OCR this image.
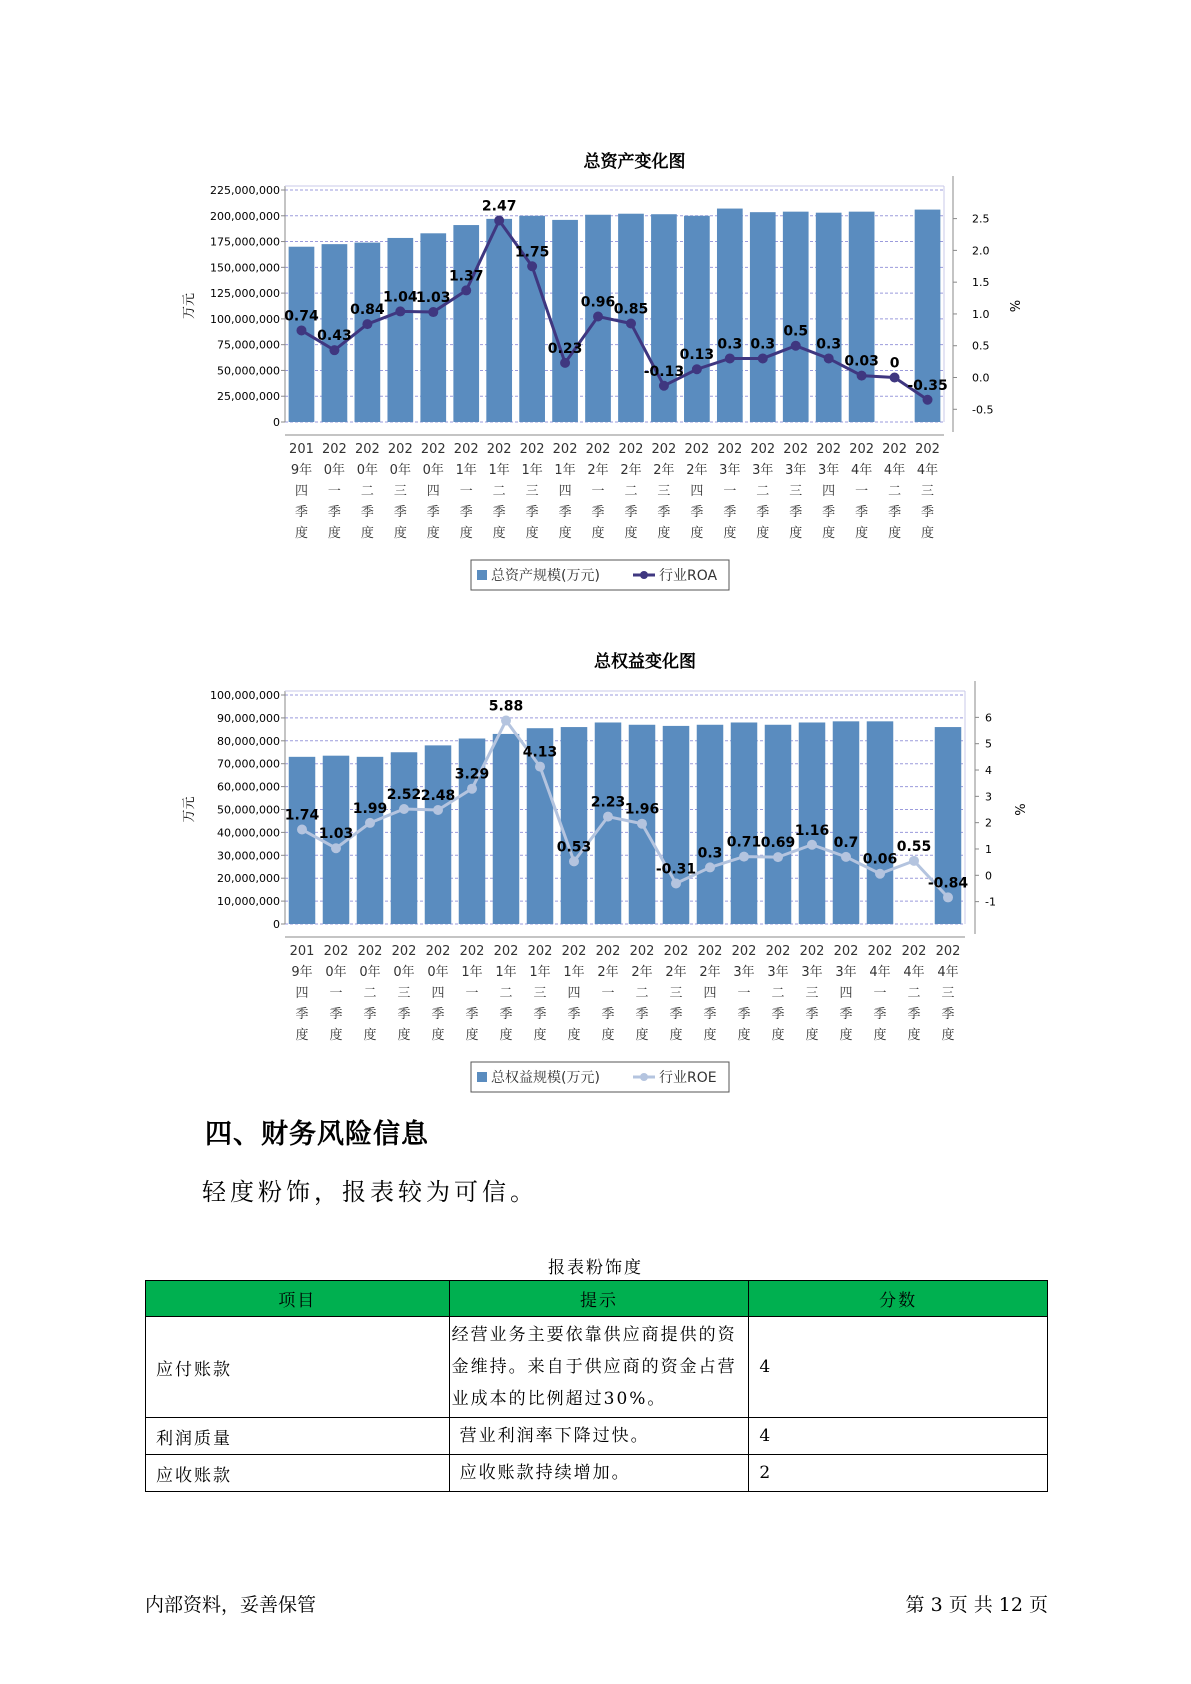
总资产变化图
0
25,000,000
50,000,000
75,000,000
100,000,000
125,000,000
150,000,000
175,000,000
200,000,000
225,000,000
-0.5
0.0
0.5
1.0
1.5
2.0
2.5
万元	%
0.74
0.43
0.84
1.04
1.03
1.37
2.47
1.75
0.23
0.96
0.85
-0.13
0.13
0.3 0.3
0.5
0.3
0.03 0
-0.35
201
9年
四
季
度
202
0年
一
季
度
202
0年
二
季
度
202
0年
三
季
度
202
0年
四
季
度
202
1年
一
季
度
202
1年
二
季
度
202
1年
三
季
度
202
1年
四
季
度
202
2年
一
季
度
202
2年
二
季
度
202
2年
三
季
度
202
2年
四
季
度
202
3年
一
季
度
202
3年
二
季
度
202
3年
三
季
度
202
3年
四
季
度
202
4年
一
季
度
202
4年
二
季
度
202
4年
三
季
度
总资产规模(万元)	行业ROA
总权益变化图
0
10,000,000
20,000,000
30,000,000
40,000,000
50,000,000
60,000,000
70,000,000
80,000,000
90,000,000
100,000,000
-1
0
1
2
3
4
5
6
万元	%
1.74
1.03
1.99
2.52 2.48
3.29
5.88
4.13
0.53
2.23 1.96
-0.31
0.3
0.71 0.69
1.16
0.7
0.06
0.55
-0.84
201
9年
四
季
度
202
0年
一
季
度
202
0年
二
季
度
202
0年
三
季
度
202
0年
四
季
度
202
1年
一
季
度
202
1年
二
季
度
202
1年
三
季
度
202
1年
四
季
度
202
2年
一
季
度
202
2年
二
季
度
202
2年
三
季
度
202
2年
四
季
度
202
3年
一
季
度
202
3年
二
季
度
202
3年
三
季
度
202
3年
四
季
度
202
4年
一
季
度
202
4年
二
季
度
202
4年
三
季
度
总权益规模(万元)	行业ROE
四、财务风险信息
轻度粉饰，报表较为可信。
报表粉饰度
项目	提示	分数
应付账款	经营业务主要依靠供应商提供的资金维持。来自于供应商的资金占营业成本的比例超过30%。	4
利润质量	营业利润率下降过快。	4
应收账款	应收账款持续增加。	2
内部资料，妥善保管	第 3 页 共 12 页
